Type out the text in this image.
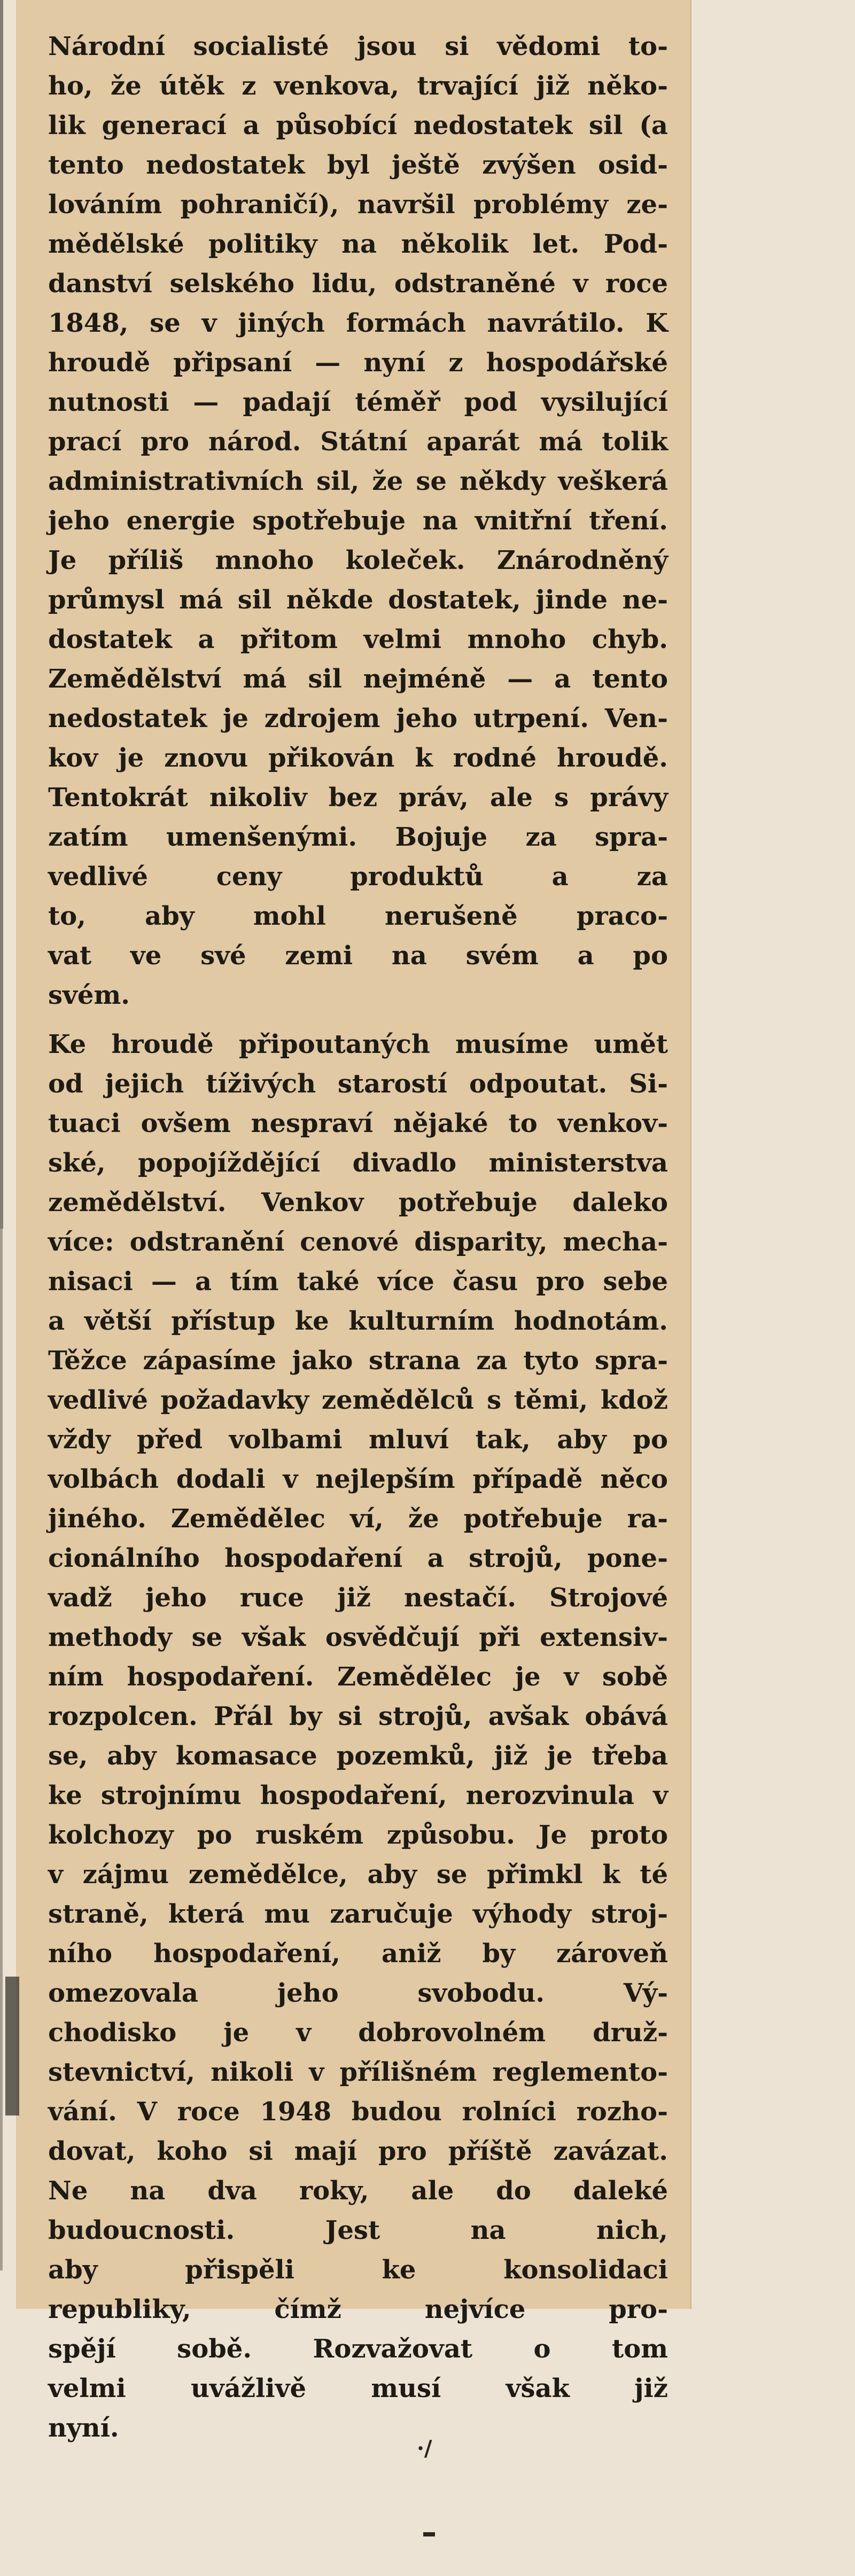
Národní socialisté jsou si vědomi to-

ho, že útěk z venkova, trvající již něko-

lik generací a působící nedostatek sil (a

tento nedostatek byl ještě zvýšen osid-

lováním pohraničí), navršil problémy ze-

mědělské politiky na několik let. Pod-

danství selského lidu, odstraněné v roce

1848, se v jiných formách navrátilo. K

hroudě připsaní — nyní z hospodářské

nutnosti — padají téměř pod vysilující

prací pro národ. Státní aparát má tolik

administrativních sil, že se někdy veškerá

jeho energie spotřebuje na vnitřní tření.

Je příliš mnoho koleček. Znárodněný

průmysl má sil někde dostatek, jinde ne-

dostatek a přitom velmi mnoho chyb.

Zemědělství má sil nejméně — a tento

nedostatek je zdrojem jeho utrpení. Ven-

kov je znovu přikován k rodné hroudě.

Tentokrát nikoliv bez práv, ale s právy

zatím umenšenými. Bojuje za spra-

vedlivé ceny produktů a za

to, aby mohl nerušeně praco-

vat ve své zemi na svém a po

svém.

Ke hroudě připoutaných musíme umět

od jejich tíživých starostí odpoutat. Si-

tuaci ovšem nespraví nějaké to venkov-

ské, popojíždějící divadlo ministerstva

zemědělství. Venkov potřebuje daleko

více: odstranění cenové disparity, mecha-

nisaci — a tím také více času pro sebe

a větší přístup ke kulturním hodnotám.

Těžce zápasíme jako strana za tyto spra-

vedlivé požadavky zemědělců s těmi, kdož

vždy před volbami mluví tak, aby po

volbách dodali v nejlepším případě něco

jiného. Zemědělec ví, že potřebuje ra-

cionálního hospodaření a strojů, pone-

vadž jeho ruce již nestačí. Strojové

methody se však osvědčují při extensiv-

ním hospodaření. Zemědělec je v sobě

rozpolcen. Přál by si strojů, avšak obává

se, aby komasace pozemků, již je třeba

ke strojnímu hospodaření, nerozvinula v

kolchozy po ruském způsobu. Je proto

v zájmu zemědělce, aby se přimkl k té

straně, která mu zaručuje výhody stroj-

ního hospodaření, aniž by zároveň

omezovala jeho svobodu. Vý-

chodisko je v dobrovolném druž-

stevnictví, nikoli v přílišném reglemento-

vání. V roce 1948 budou rolníci rozho-

dovat, koho si mají pro příště zavázat.

Ne na dva roky, ale do daleké

budoucnosti. Jest na nich,

aby přispěli ke konsolidaci

republiky, čímž nejvíce pro-

spějí sobě. Rozvažovat o tom

velmi uvážlivě musí však již

nyní.

·/
